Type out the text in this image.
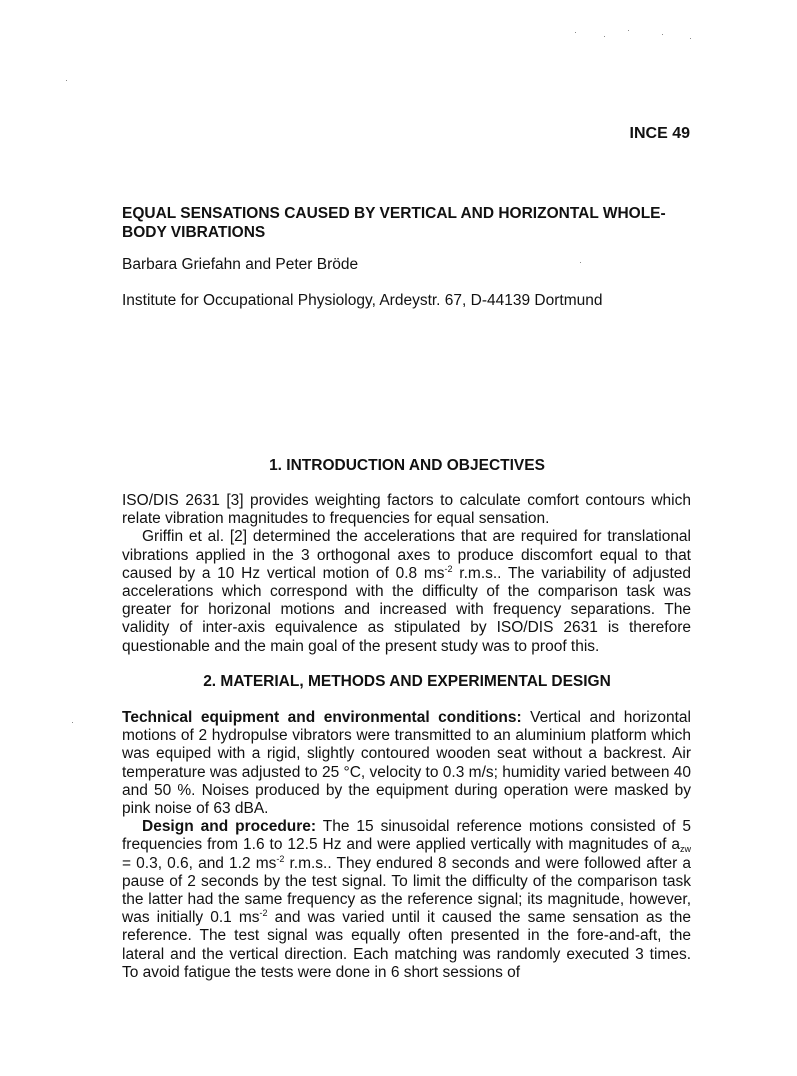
INCE 49
EQUAL SENSATIONS CAUSED BY VERTICAL AND HORIZONTAL WHOLE-BODY VIBRATIONS
Barbara Griefahn and Peter Bröde
Institute for Occupational Physiology, Ardeystr. 67, D-44139 Dortmund
1. INTRODUCTION AND OBJECTIVES

ISO/DIS 2631 [3] provides weighting factors to calculate comfort contours which relate vibration magnitudes to frequencies for equal sensation.

Griffin et al. [2] determined the accelerations that are required for translational vibrations applied in the 3 orthogonal axes to produce discomfort equal to that caused by a 10 Hz vertical motion of 0.8 $ms^{-2}$ r.m.s.. The variability of adjusted accelerations which correspond with the difficulty of the comparison task was greater for horizonal motions and increased with frequency separations. The validity of inter-axis equivalence as stipulated by ISO/DIS 2631 is therefore questionable and the main goal of the present study was to proof this.

2. MATERIAL, METHODS AND EXPERIMENTAL DESIGN

Technical equipment and environmental conditions: Vertical and horizontal motions of 2 hydropulse vibrators were transmitted to an aluminium platform which was equiped with a rigid, slightly contoured wooden seat without a backrest. Air temperature was adjusted to 25 °C, velocity to 0.3 m/s; humidity varied between 40 and 50 %. Noises produced by the equipment during operation were masked by pink noise of 63 dBA.

Design and procedure: The 15 sinusoidal reference motions consisted of 5 frequencies from 1.6 to 12.5 Hz and were applied vertically with magnitudes of $a_{zw} = 0.3$, 0.6, and 1.2 $ms^{-2}$ r.m.s.. They endured 8 seconds and were followed after a pause of 2 seconds by the test signal. To limit the difficulty of the comparison task the latter had the same frequency as the reference signal; its magnitude, however, was initially 0.1 $ms^{-2}$ and was varied until it caused the same sensation as the reference. The test signal was equally often presented in the fore-and-aft, the lateral and the vertical direction. Each matching was randomly executed 3 times. To avoid fatigue the tests were done in 6 short sessions of
